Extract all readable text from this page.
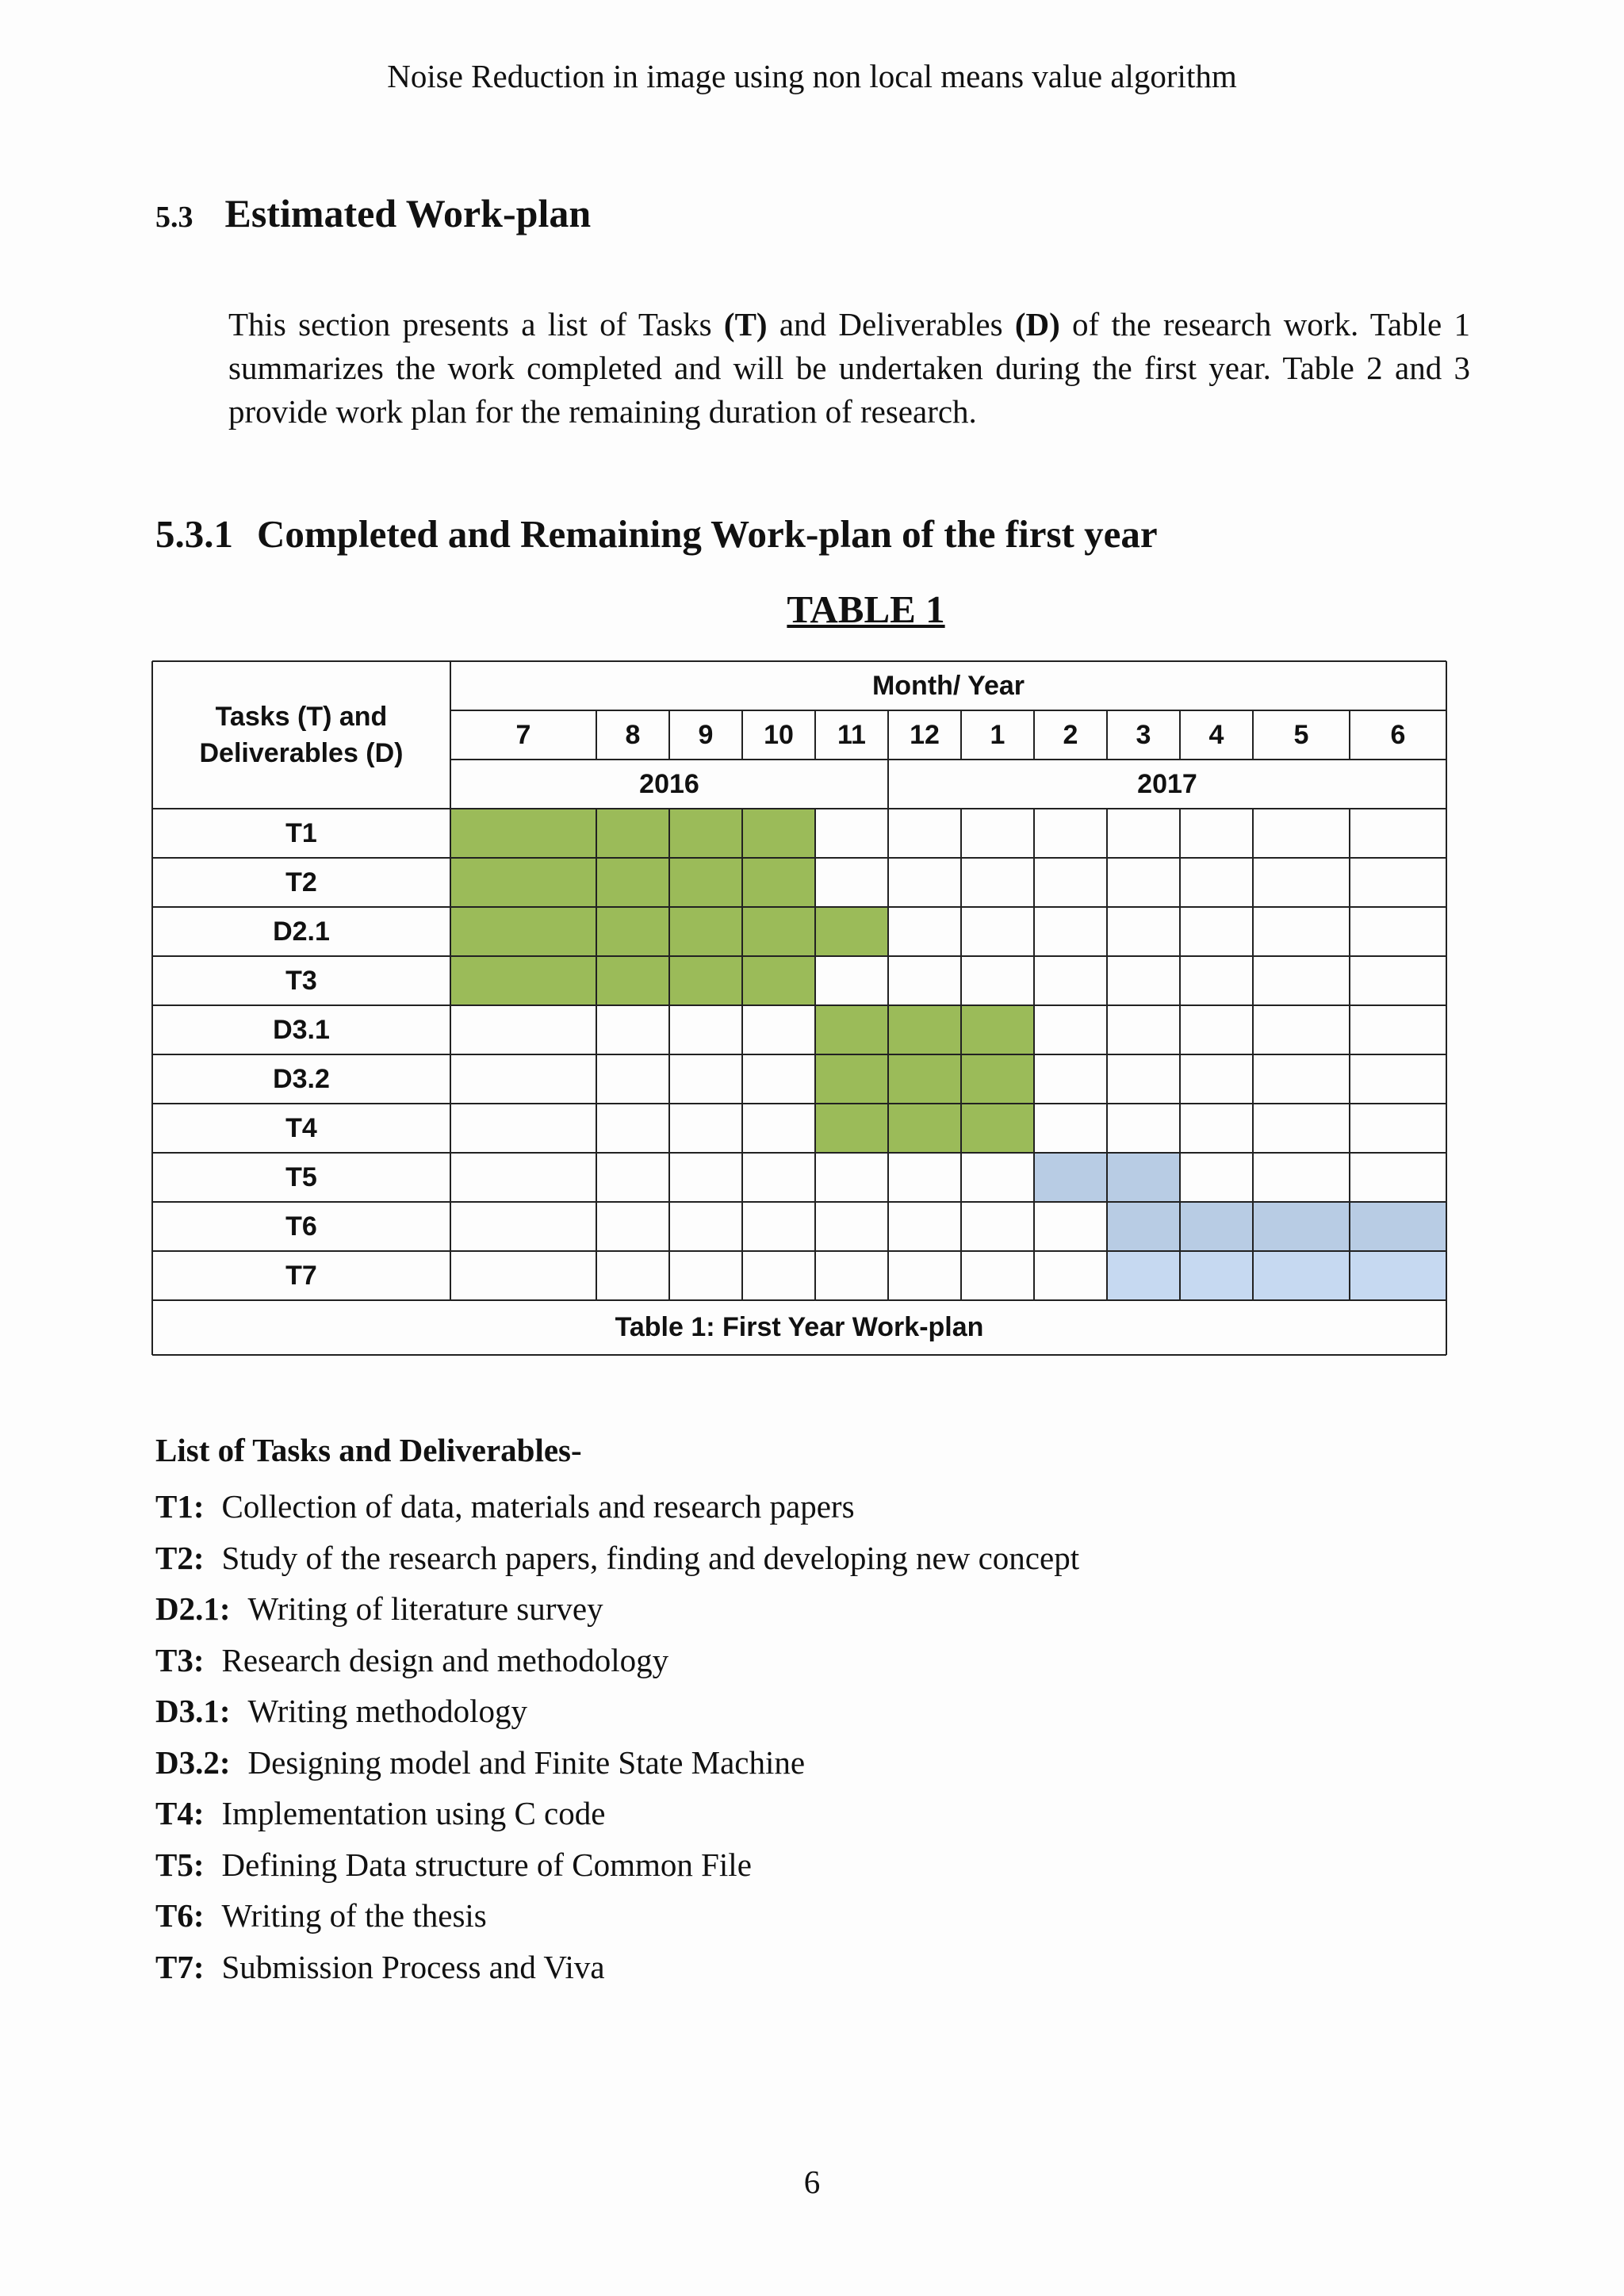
Noise Reduction in image using non local means value algorithm
5.3 Estimated Work-plan
This section presents a list of Tasks (T) and Deliverables (D) of the research work. Table 1 summarizes the work completed and will be undertaken during the first year. Table 2 and 3 provide work plan for the remaining duration of research.
5.3.1 Completed and Remaining Work-plan of the first year
TABLE 1
Tasks (T) and Deliverables (D)
Month/ Year
7	8	9	10	11	12	1	2	3	4	5	6
2016	2017
T1
T2
D2.1
T3
D3.1
D3.2
T4
T5
T6
T7
Table 1: First Year Work-plan
List of Tasks and Deliverables-
T1: Collection of data, materials and research papers
T2: Study of the research papers, finding and developing new concept
D2.1: Writing of literature survey
T3: Research design and methodology
D3.1: Writing methodology
D3.2: Designing model and Finite State Machine
T4: Implementation using C code
T5: Defining Data structure of Common File
T6: Writing of the thesis
T7: Submission Process and Viva
6
